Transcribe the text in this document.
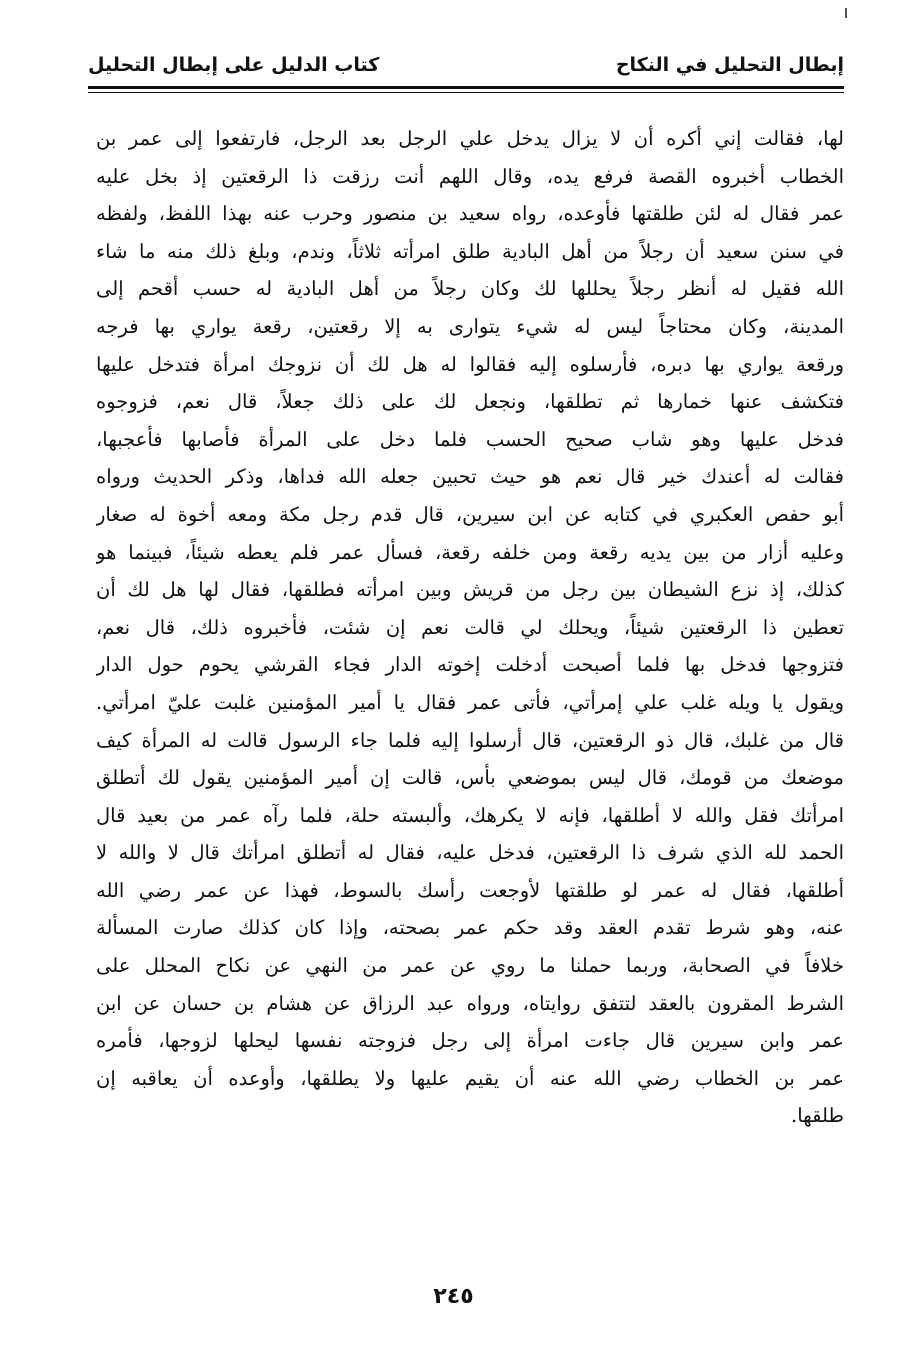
إبطال التحليل في النكاح
كتاب الدليل على إبطال التحليل
لها، فقالت إني أكره أن لا يزال يدخل علي الرجل بعد الرجل، فارتفعوا إلى عمر بن
الخطاب أخبروه القصة فرفع يده، وقال اللهم أنت رزقت ذا الرقعتين إذ بخل عليه
عمر فقال له لئن طلقتها فأوعده، رواه سعيد بن منصور وحرب عنه بهذا اللفظ، ولفظه
في سنن سعيد أن رجلاً من أهل البادية طلق امرأته ثلاثاً، وندم، وبلغ ذلك منه ما شاء
الله فقيل له أنظر رجلاً يحللها لك وكان رجلاً من أهل البادية له حسب أقحم إلى
المدينة، وكان محتاجاً ليس له شيء يتوارى به إلا رقعتين، رقعة يواري بها فرجه
ورقعة يواري بها دبره، فأرسلوه إليه فقالوا له هل لك أن نزوجك امرأة فتدخل عليها
فتكشف عنها خمارها ثم تطلقها، ونجعل لك على ذلك جعلاً، قال نعم، فزوجوه
فدخل عليها وهو شاب صحيح الحسب فلما دخل على المرأة فأصابها فأعجبها،
فقالت له أعندك خير قال نعم هو حيث تحبين جعله الله فداها، وذكر الحديث ورواه
أبو حفص العكبري في كتابه عن ابن سيرين، قال قدم رجل مكة ومعه أخوة له صغار
وعليه أزار من بين يديه رقعة ومن خلفه رقعة، فسأل عمر فلم يعطه شيئاً، فبينما هو
كذلك، إذ نزع الشيطان بين رجل من قريش وبين امرأته فطلقها، فقال لها هل لك أن
تعطين ذا الرقعتين شيئاً، ويحلك لي قالت نعم إن شئت، فأخبروه ذلك، قال نعم،
فتزوجها فدخل بها فلما أصبحت أدخلت إخوته الدار فجاء القرشي يحوم حول الدار
ويقول يا ويله غلب علي إمرأتي، فأتى عمر فقال يا أمير المؤمنين غلبت عليّ امرأتي.
قال من غلبك، قال ذو الرقعتين، قال أرسلوا إليه فلما جاء الرسول قالت له المرأة كيف
موضعك من قومك، قال ليس بموضعي بأس، قالت إن أمير المؤمنين يقول لك أتطلق
امرأتك فقل والله لا أطلقها، فإنه لا يكرهك، وألبسته حلة، فلما رآه عمر من بعيد قال
الحمد لله الذي شرف ذا الرقعتين، فدخل عليه، فقال له أتطلق امرأتك قال لا والله لا
أطلقها، فقال له عمر لو طلقتها لأوجعت رأسك بالسوط، فهذا عن عمر رضي الله
عنه، وهو شرط تقدم العقد وقد حكم عمر بصحته، وإذا كان كذلك صارت المسألة
خلافاً في الصحابة، وربما حملنا ما روي عن عمر من النهي عن نكاح المحلل على
الشرط المقرون بالعقد لتتفق روايتاه، ورواه عبد الرزاق عن هشام بن حسان عن ابن
عمر وابن سيرين قال جاءت امرأة إلى رجل فزوجته نفسها ليحلها لزوجها، فأمره
عمر بن الخطاب رضي الله عنه أن يقيم عليها ولا يطلقها، وأوعده أن يعاقبه إن
طلقها.
٢٤٥
